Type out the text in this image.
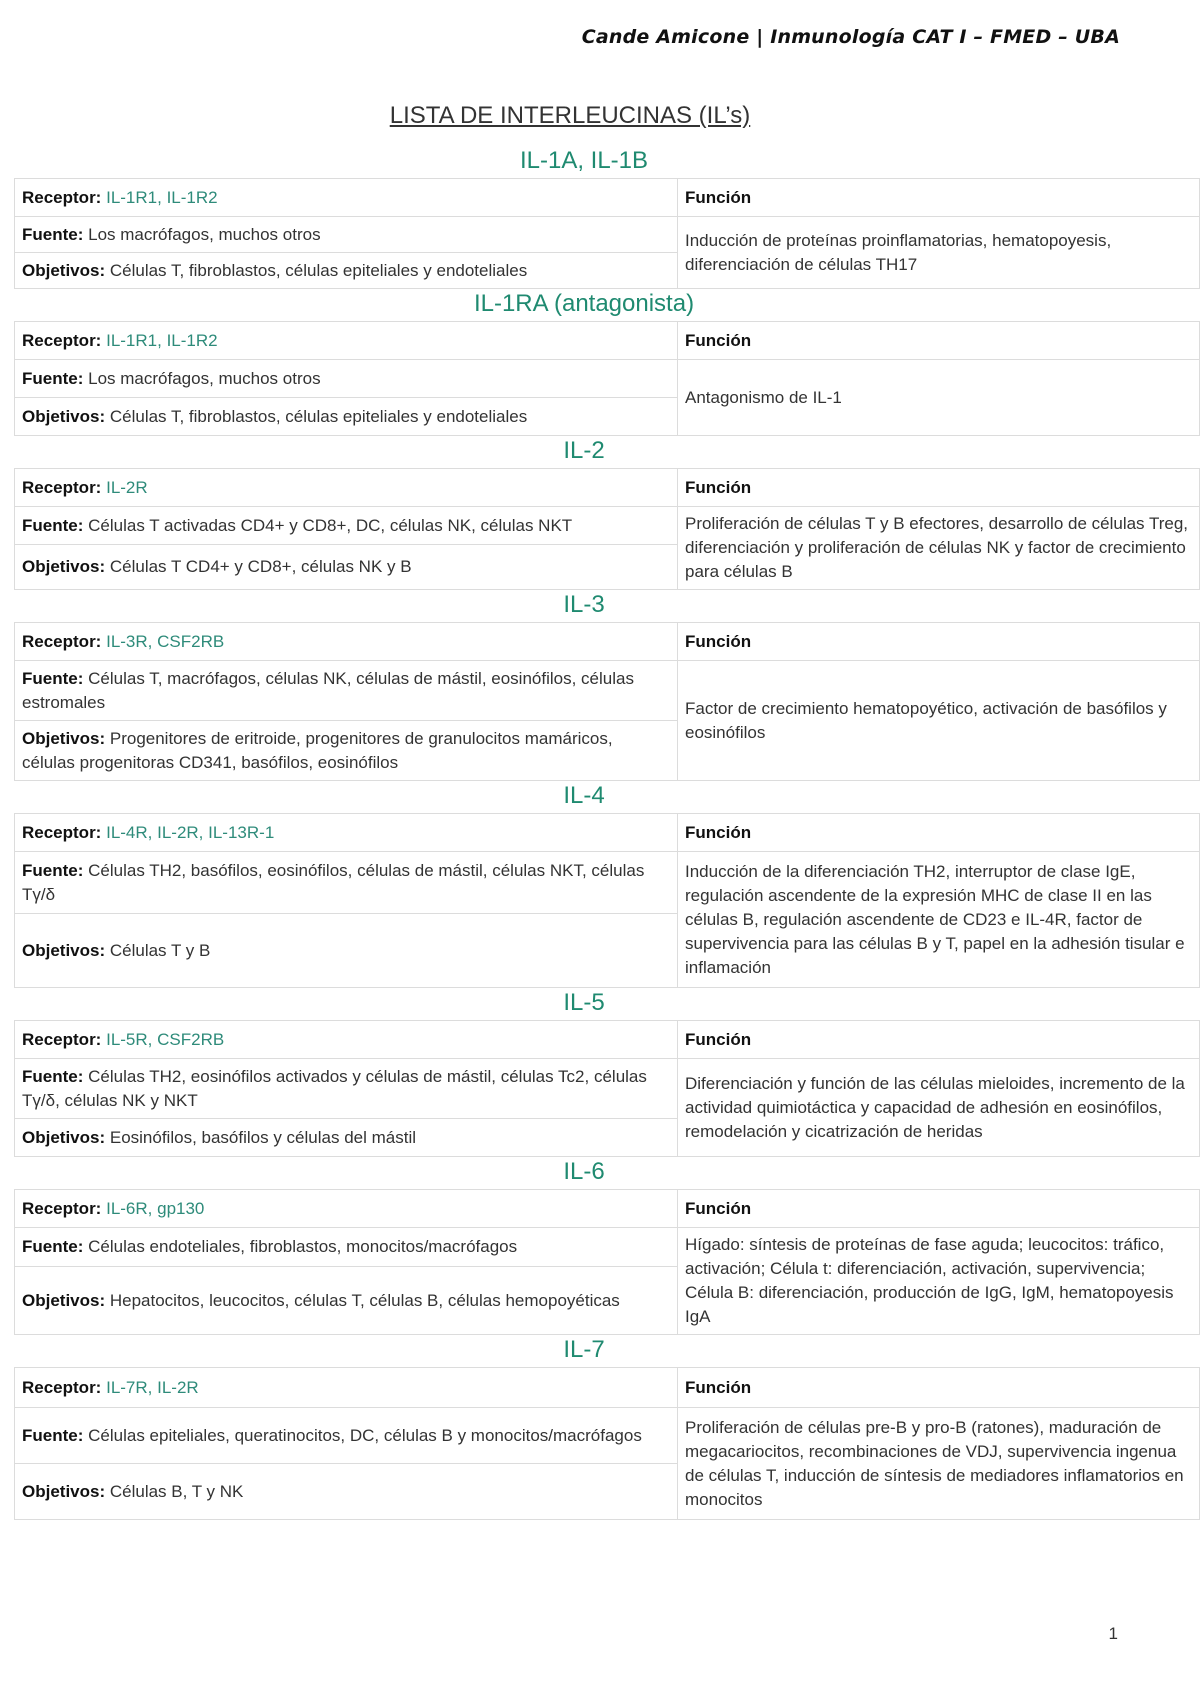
Cande Amicone | Inmunología CAT I – FMED – UBA
LISTA DE INTERLEUCINAS (IL’s)
IL-1A, IL-1B
Receptor: IL-1R1, IL-1R2	Función
Fuente: Los macrófagos, muchos otros	Inducción de proteínas proinflamatorias, hematopoyesis, diferenciación de células TH17
Objetivos: Células T, fibroblastos, células epiteliales y endoteliales	
IL-1RA (antagonista)
Receptor: IL-1R1, IL-1R2	Función
Fuente: Los macrófagos, muchos otros	Antagonismo de IL-1
Objetivos: Células T, fibroblastos, células epiteliales y endoteliales	
IL-2
Receptor: IL-2R	Función
Fuente: Células T activadas CD4+ y CD8+, DC, células NK, células NKT	Proliferación de células T y B efectores, desarrollo de células Treg, diferenciación y proliferación de células NK y factor de crecimiento para células B
Objetivos: Células T CD4+ y CD8+, células NK y B	
IL-3
Receptor: IL-3R, CSF2RB	Función
Fuente: Células T, macrófagos, células NK, células de mástil, eosinófilos, células estromales	Factor de crecimiento hematopoyético, activación de basófilos y eosinófilos
Objetivos: Progenitores de eritroide, progenitores de granulocitos mamáricos, células progenitoras CD341, basófilos, eosinófilos	
IL-4
Receptor: IL-4R, IL-2R, IL-13R-1	Función
Fuente: Células TH2, basófilos, eosinófilos, células de mástil, células NKT, células Tγ/δ	Inducción de la diferenciación TH2, interruptor de clase IgE, regulación ascendente de la expresión MHC de clase II en las células B, regulación ascendente de CD23 e IL-4R, factor de supervivencia para las células B y T, papel en la adhesión tisular e inflamación
Objetivos: Células T y B	
IL-5
Receptor: IL-5R, CSF2RB	Función
Fuente: Células TH2, eosinófilos activados y células de mástil, células Tc2, células Tγ/δ, células NK y NKT	Diferenciación y función de las células mieloides, incremento de la actividad quimiotáctica y capacidad de adhesión en eosinófilos, remodelación y cicatrización de heridas
Objetivos: Eosinófilos, basófilos y células del mástil	
IL-6
Receptor: IL-6R, gp130	Función
Fuente: Células endoteliales, fibroblastos, monocitos/macrófagos	Hígado: síntesis de proteínas de fase aguda; leucocitos: tráfico, activación; Célula t: diferenciación, activación, supervivencia; Célula B: diferenciación, producción de IgG, IgM, hematopoyesis IgA
Objetivos: Hepatocitos, leucocitos, células T, células B, células hemopoyéticas	
IL-7
Receptor: IL-7R, IL-2R	Función
Fuente: Células epiteliales, queratinocitos, DC, células B y monocitos/macrófagos	Proliferación de células pre-B y pro-B (ratones), maduración de megacariocitos, recombinaciones de VDJ, supervivencia ingenua de células T, inducción de síntesis de mediadores inflamatorios en monocitos
Objetivos: Células B, T y NK	
1
